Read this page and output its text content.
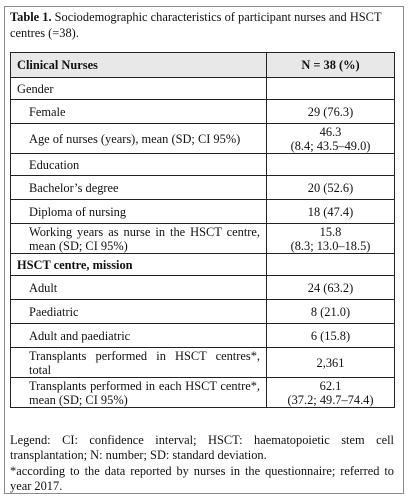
Table 1. Sociodemographic characteristics of participant nurses and HSCT centres (=38).
Clinical Nurses	N = 38 (%)
Gender	
Female	29 (76.3)
Age of nurses (years), mean (SD; CI 95%)	46.3
(8.4; 43.5–49.0)
Education	
Bachelor’s degree	20 (52.6)
Diploma of nursing	18 (47.4)
Working years as nurse in the HSCT centre, mean (SD; CI 95%)	15.8
(8.3; 13.0–18.5)
HSCT centre, mission	
Adult	24 (63.2)
Paediatric	8 (21.0)
Adult and paediatric	6 (15.8)
Transplants performed in HSCT centres*, total	2,361
Transplants performed in each HSCT centre*, mean (SD; CI 95%)	62.1
(37.2; 49.7–74.4)

Legend: CI: confidence interval; HSCT: haematopoietic stem cell transplantation; N: number; SD: standard deviation.

*according to the data reported by nurses in the questionnaire; referred to year 2017.
